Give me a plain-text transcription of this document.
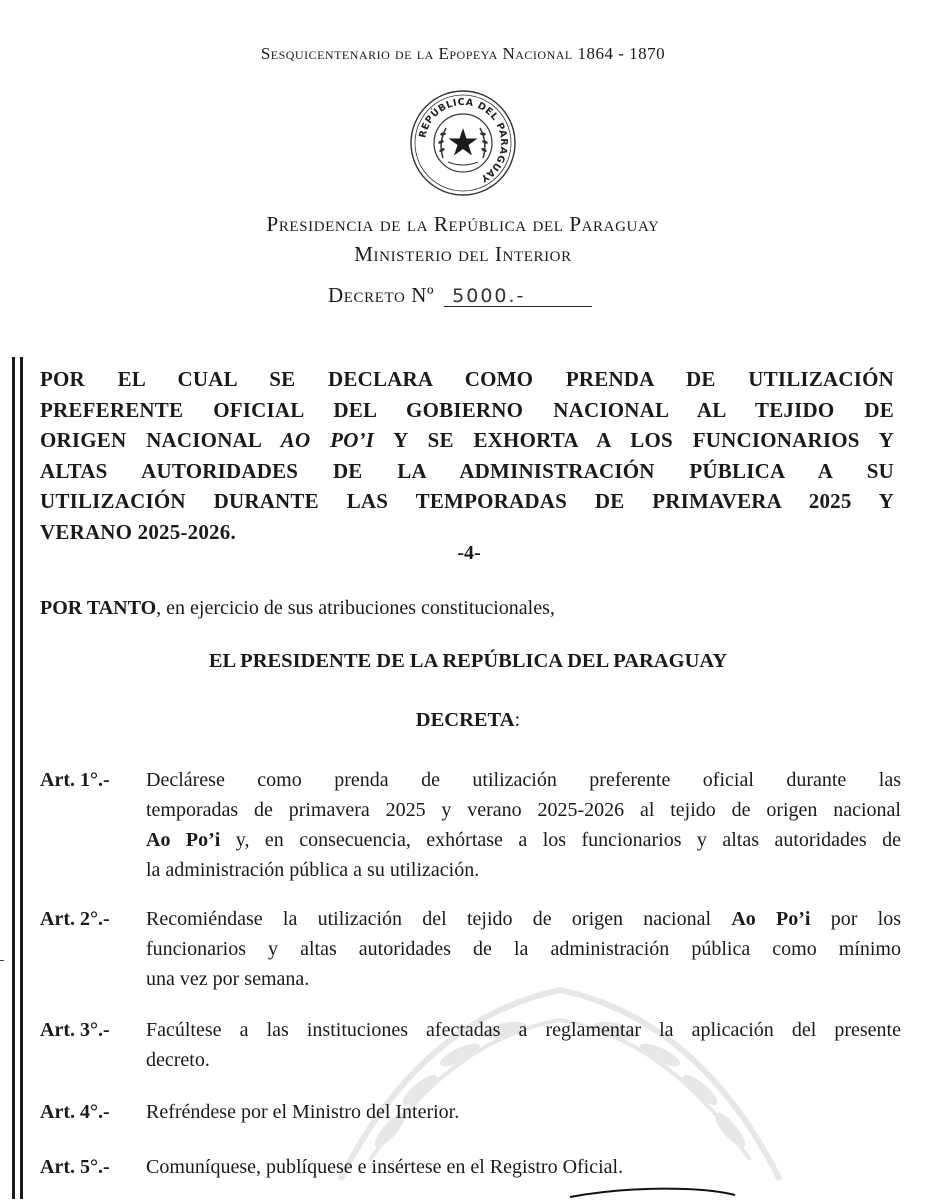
Sesquicentenario de la Epopeya Nacional 1864 - 1870
REPÚBLICA DEL PARAGUAY
Presidencia de la República del Paraguay
Ministerio del Interior
Decreto Nº 5000.-
POR EL CUAL SE DECLARA COMO PRENDA DE UTILIZACIÓN
PREFERENTE OFICIAL DEL GOBIERNO NACIONAL AL TEJIDO DE
ORIGEN NACIONAL AO PO’I Y SE EXHORTA A LOS FUNCIONARIOS Y
ALTAS AUTORIDADES DE LA ADMINISTRACIÓN PÚBLICA A SU
UTILIZACIÓN DURANTE LAS TEMPORADAS DE PRIMAVERA 2025 Y
VERANO 2025-2026.
-4-
POR TANTO, en ejercicio de sus atribuciones constitucionales,
EL PRESIDENTE DE LA REPÚBLICA DEL PARAGUAY
DECRETA:
Art. 1°.- Declárese como prenda de utilización preferente oficial durante las
temporadas de primavera 2025 y verano 2025-2026 al tejido de origen nacional
Ao Po’i y, en consecuencia, exhórtase a los funcionarios y altas autoridades de
la administración pública a su utilización.
Art. 2°.- Recomiéndase la utilización del tejido de origen nacional Ao Po’i por los
funcionarios y altas autoridades de la administración pública como mínimo
una vez por semana.
Art. 3°.- Facúltese a las instituciones afectadas a reglamentar la aplicación del presente
decreto.
Art. 4°.- Refréndese por el Ministro del Interior.
Art. 5°.- Comuníquese, publíquese e insértese en el Registro Oficial.
